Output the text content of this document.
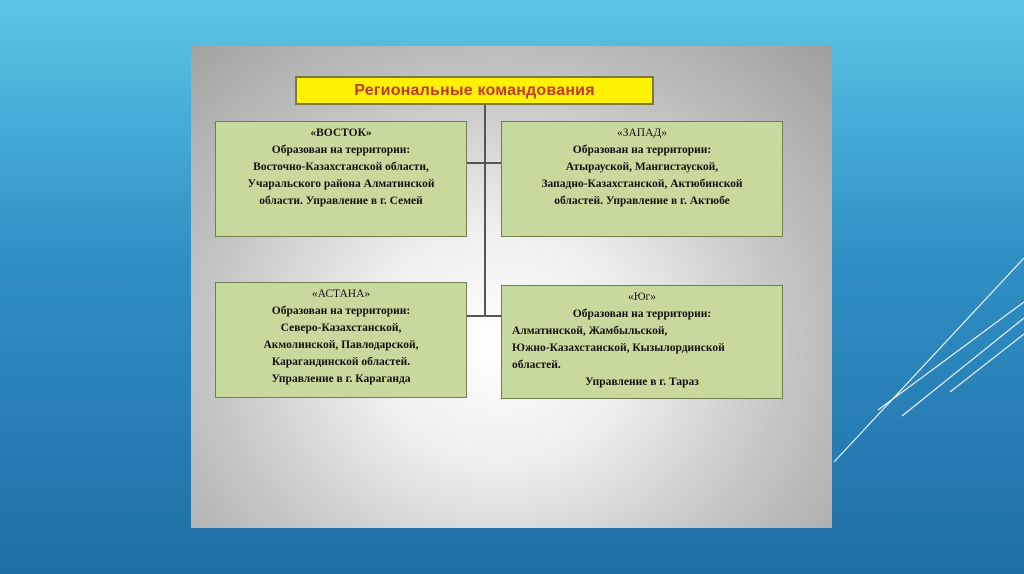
Региональные командования
«ВОСТОК»
Образован на территории:
Восточно-Казахстанской области,
Учаральского района Алматинской
области. Управление в г. Семей
«ЗАПАД»
Образован на территории:
Атырауской, Мангистауской,
Западно-Казахстанской, Актюбинской
областей. Управление в г. Актюбе
«АСТАНА»
Образован на территории:
Северо-Казахстанской,
Акмолинской, Павлодарской,
Карагандинской областей.
Управление в г. Караганда
«Юг»
Образован на территории:
Алматинской, Жамбыльской,
Южно-Казахстанской, Кызылординской
областей.
Управление в г. Тараз
